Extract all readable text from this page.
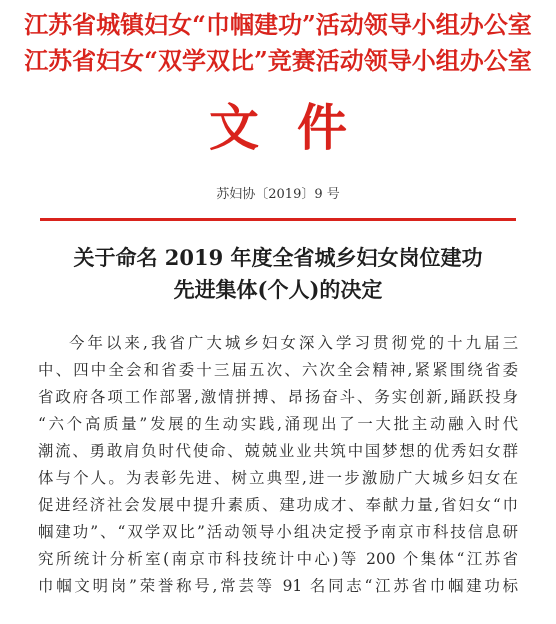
江苏省城镇妇女“巾帼建功”活动领导小组办公室
江苏省妇女“双学双比”竞赛活动领导小组办公室
文件
苏妇协〔2019〕9 号
关于命名 2019 年度全省城乡妇女岗位建功
先进集体(个人)的决定
今年以来,我省广大城乡妇女深入学习贯彻党的十九届三
中、四中全会和省委十三届五次、六次全会精神,紧紧围绕省委
省政府各项工作部署,激情拼搏、昂扬奋斗、务实创新,踊跃投身
“六个高质量”发展的生动实践,涌现出了一大批主动融入时代
潮流、勇敢肩负时代使命、兢兢业业共筑中国梦想的优秀妇女群
体与个人。为表彰先进、树立典型,进一步激励广大城乡妇女在
促进经济社会发展中提升素质、建功成才、奉献力量,省妇女“巾
帼建功”、“双学双比”活动领导小组决定授予南京市科技信息研
究所统计分析室(南京市科技统计中心)等 200 个集体“江苏省
巾帼文明岗”荣誉称号,常芸等 91 名同志“江苏省巾帼建功标
